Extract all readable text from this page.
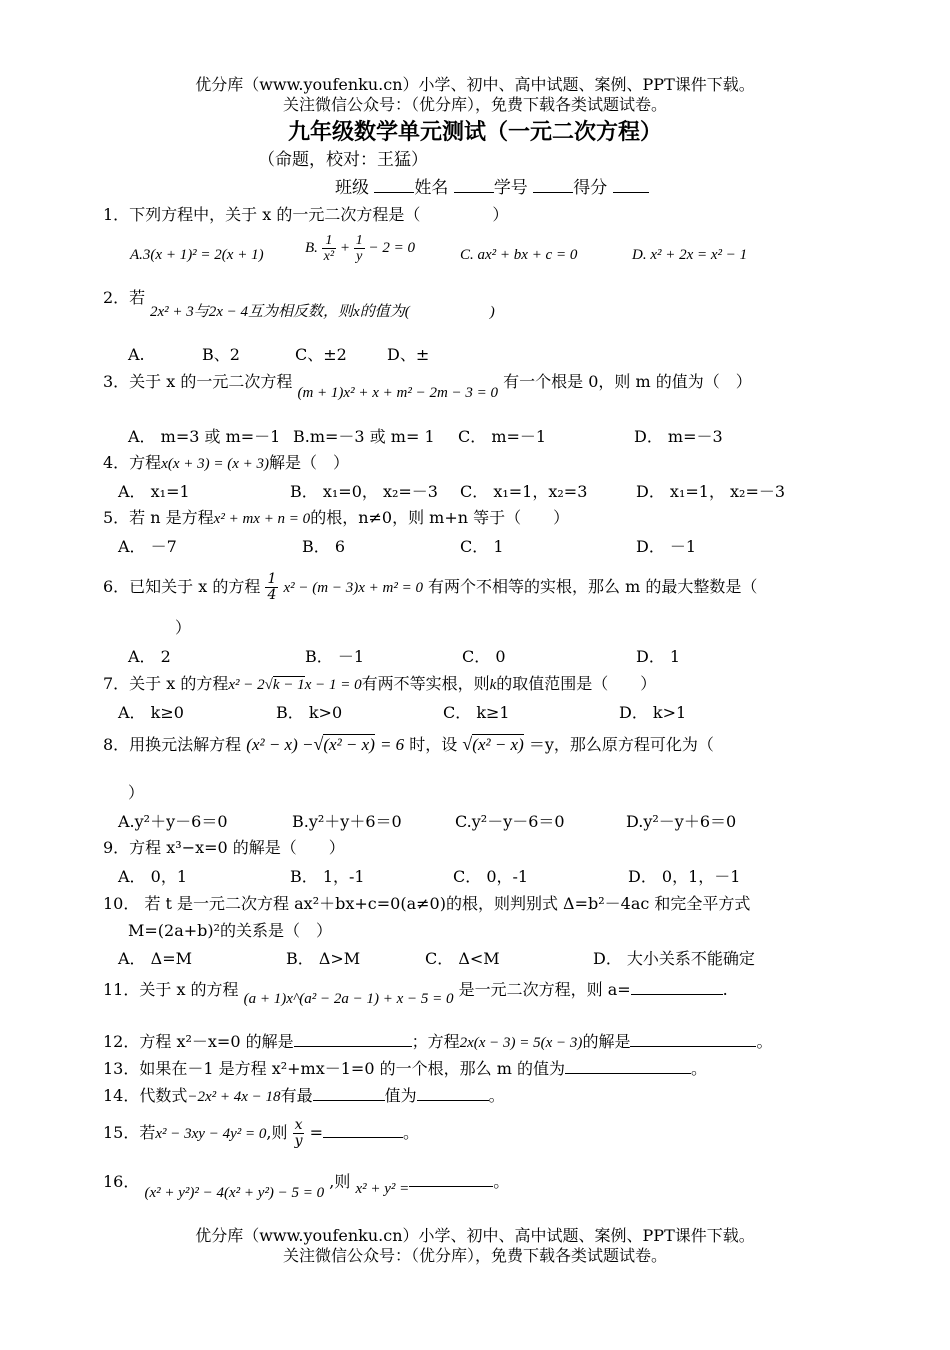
优分库（www.youfenku.cn）小学、初中、高中试题、案例、PPT课件下载。
关注微信公众号：（优分库），免费下载各类试题试卷。
九年级数学单元测试（一元二次方程）
（命题，校对：王猛）
班级	姓名	学号	得分
1．下列方程中，关于 x 的一元二次方程是（	）
A.3(x + 1)² = 2(x + 1)	B. $\frac{1}{\text{x²}} + \frac{1}{y} - 2 = 0$	C. ax² + bx + c = 0	D. x² + 2x = x² − 1
2．若
2x² + 3与2x − 4互为相反数，则x的值为(	)
A.	B、2	C、±2	D、±
3．关于 x 的一元二次方程 (m + 1)x² + x + m² − 2m − 3 = 0 有一个根是 0，则 m 的值为（　）
A． m=3 或 m=－1 B.m=－3 或 m= 1 C． m=－1	D． m=－3
4．方程x(x + 3) = (x + 3)解是（　）
A． x₁=1	B． x₁=0， x₂=－3 C． x₁=1，x₂=3	D． x₁=1， x₂=－3
5．若 n 是方程x² + mx + n = 0的根，n≠0，则 m+n 等于（　　）
A． －7	B． 6	C． 1	D． －1
6．已知关于 x 的方程 $\frac{1}{4} x^2 - (m - 3)x + m^2 = 0$ 有两个不相等的实根，那么 m 的最大整数是（
）
A． 2	B． －1	C． 0	D． 1
7．关于 x 的方程x² − 2√k − 1x − 1 = 0有两不等实根，则k的取值范围是（　　）
A． k≥0	B． k>0	C． k≥1	D． k>1
8．用换元法解方程 (x² − x) −√(x² − x) = 6 时，设 √(x² − x) ＝y，那么原方程可化为（
）
A.y²＋y－6＝0	B.y²＋y＋6＝0	C.y²－y－6＝0	D.y²－y＋6＝0
9．方程 x³−x=0 的解是（　　）
A． 0，1	B． 1，-1	C． 0，-1	D． 0，1，－1
10． 若 t 是一元二次方程 ax²＋bx+c=0(a≠0)的根，则判别式 Δ=b²－4ac 和完全平方式
M=(2a+b)²的关系是（　）
A． Δ=M	B． Δ>M	C． Δ<M	D． 大小关系不能确定
11．关于 x 的方程 (a + 1)x^(a² − 2a − 1) + x − 5 = 0 是一元二次方程，则 a=	.
12．方程 x²－x=0 的解是	；方程2x(x − 3) = 5(x − 3)的解是	。
13．如果在－1 是方程 x²+mx－1=0 的一个根，那么 m 的值为	。
14．代数式−2x² + 4x − 18有最	值为	。
15．若x² − 3xy − 4y² = 0,则 $\frac{x}{y}$ =	。
16． (x² + y²)² − 4(x² + y²) − 5 = 0 ,则 x² + y² =	。
优分库（www.youfenku.cn）小学、初中、高中试题、案例、PPT课件下载。
关注微信公众号：（优分库），免费下载各类试题试卷。
